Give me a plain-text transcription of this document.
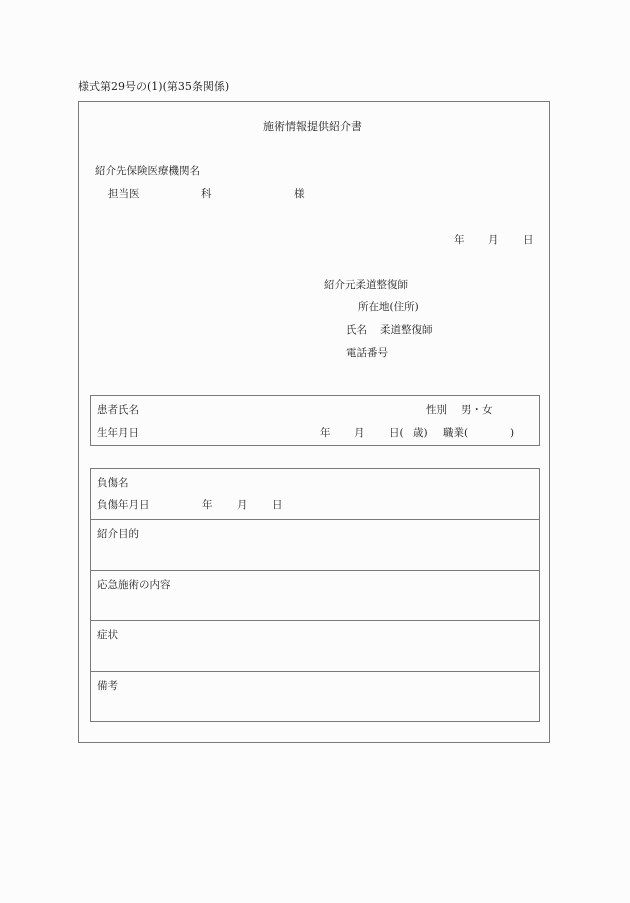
様式第29号の(1)(第35条関係)
施術情報提供紹介書
紹介先保険医療機関名
担当医	科	様
年 月 日
紹介元柔道整復師
所在地(住所)
氏名 柔道整復師
電話番号
患者氏名	性別 男・女
生年月日	年 月 日( 歳) 職業(	)
負傷名
負傷年月日	年 月 日
紹介目的
応急施術の内容
症状
備考
